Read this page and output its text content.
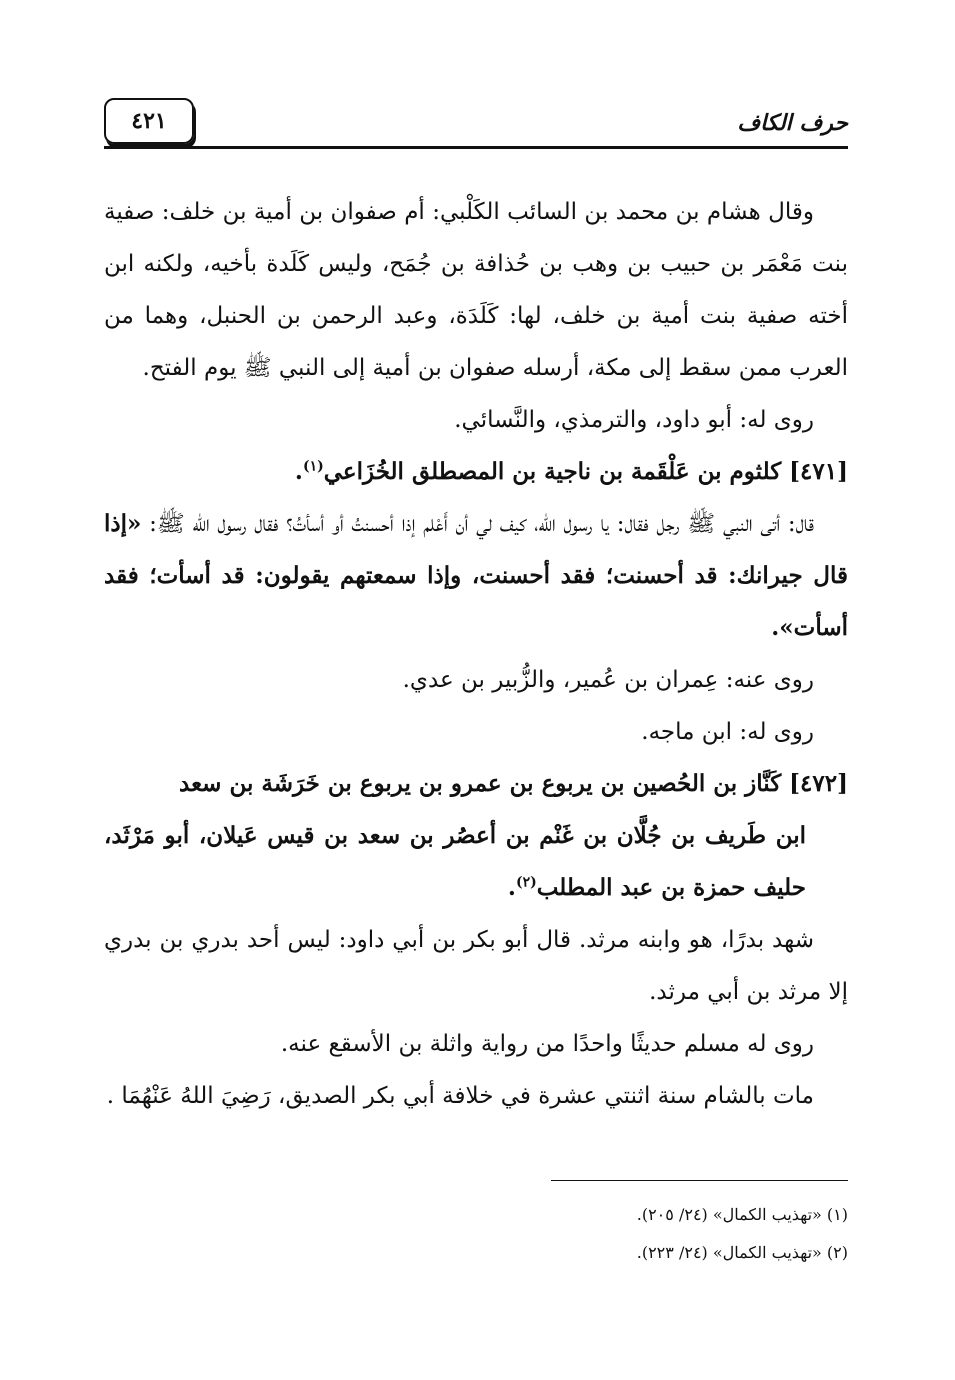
٤٢١	حرف الكاف

وقال هشام بن محمد بن السائب الكَلْبي: أم صفوان بن أمية بن خلف: صفية بنت مَعْمَر بن حبيب بن وهب بن حُذافة بن جُمَح، وليس كَلَدة بأخيه، ولكنه ابن أخته صفية بنت أمية بن خلف، لها: كَلَدَة، وعبد الرحمن بن الحنبل، وهما من العرب ممن سقط إلى مكة، أرسله صفوان بن أمية إلى النبي ﷺ يوم الفتح.

روى له: أبو داود، والترمذي، والنَّسائي.

[٤٧١] كلثوم بن عَلْقَمة بن ناجية بن المصطلق الخُزَاعي$^{(١)}$.

قال: أتى النبي ﷺ رجل فقال: يا رسول الله، كيف لي أن أَعْلم إذا أحسنتُ أو أسأتُ؟ فقال رسول الله ﷺ: «إذا قال جيرانك: قد أحسنت؛ فقد أحسنت، وإذا سمعتهم يقولون: قد أسأت؛ فقد أسأت».

روى عنه: عِمران بن عُمير، والزُّبير بن عدي.

روى له: ابن ماجه.

[٤٧٢] كَنَّاز بن الحُصين بن يربوع بن عمرو بن يربوع بن خَرَشَة بن سعد
ابن طَريف بن جُلَّان بن غَنْم بن أعصُر بن سعد بن قيس عَيلان، أبو مَرْثَد، حليف حمزة بن عبد المطلب$^{(٢)}$.

شهد بدرًا، هو وابنه مرثد. قال أبو بكر بن أبي داود: ليس أحد بدري بن بدري إلا مرثد بن أبي مرثد.

روى له مسلم حديثًا واحدًا من رواية واثلة بن الأسقع عنه.

مات بالشام سنة اثنتي عشرة في خلافة أبي بكر الصديق، رَضِيَ اللهُ عَنْهُمَا .

(١) «تهذيب الكمال» (٢٤/ ٢٠٥).

(٢) «تهذيب الكمال» (٢٤/ ٢٢٣).
